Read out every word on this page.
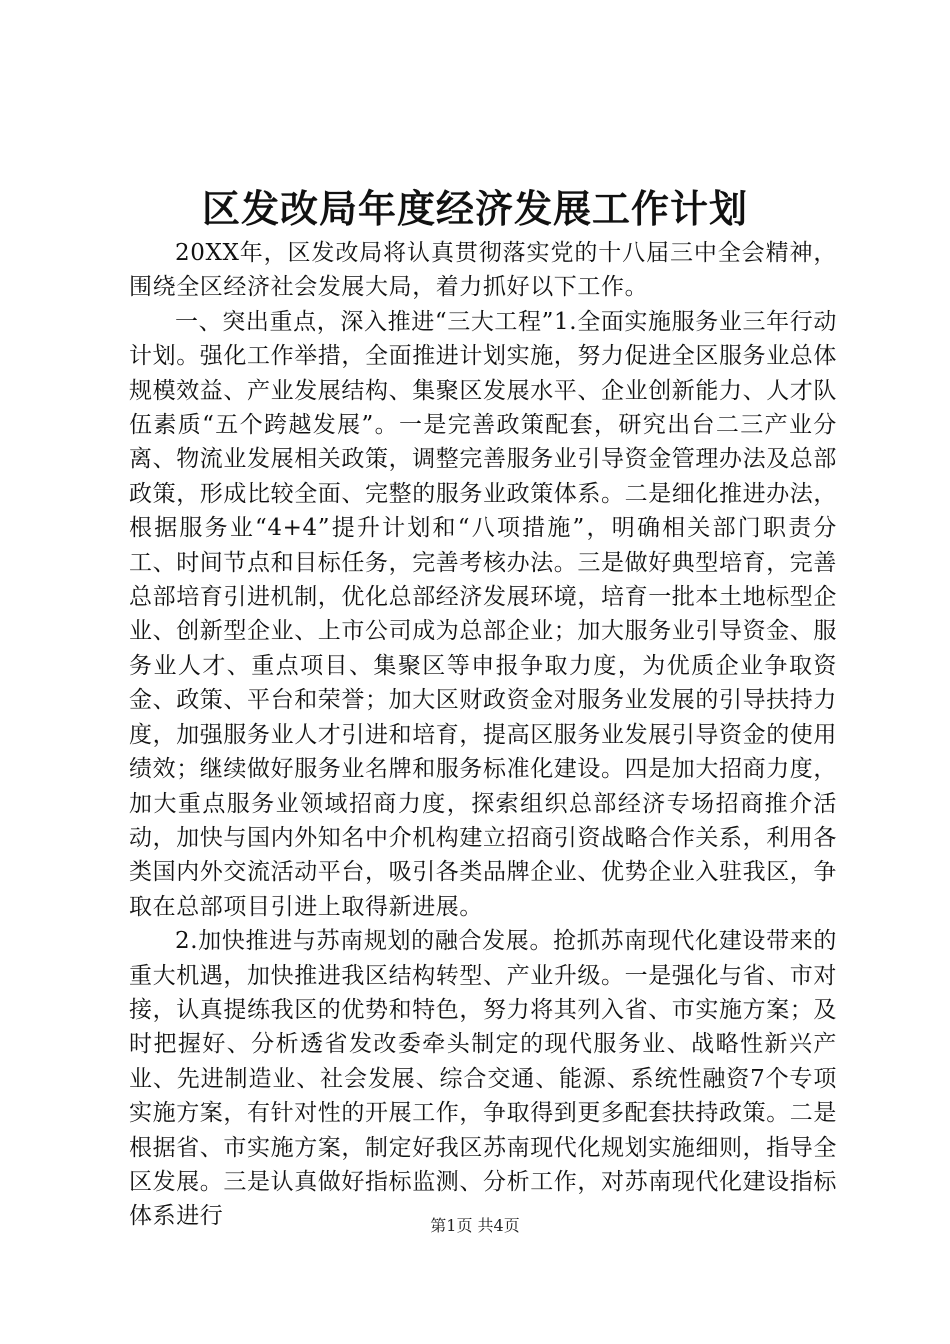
区发改局年度经济发展工作计划

20XX年，区发改局将认真贯彻落实党的十八届三中全会精神，围绕全区经济社会发展大局，着力抓好以下工作。

一、突出重点，深入推进“三大工程”1.全面实施服务业三年行动计划。强化工作举措，全面推进计划实施，努力促进全区服务业总体规模效益、产业发展结构、集聚区发展水平、企业创新能力、人才队伍素质“五个跨越发展”。一是完善政策配套，研究出台二三产业分离、物流业发展相关政策，调整完善服务业引导资金管理办法及总部政策，形成比较全面、完整的服务业政策体系。二是细化推进办法，根据服务业“4+4”提升计划和“八项措施”，明确相关部门职责分工、时间节点和目标任务，完善考核办法。三是做好典型培育，完善总部培育引进机制，优化总部经济发展环境，培育一批本土地标型企业、创新型企业、上市公司成为总部企业；加大服务业引导资金、服务业人才、重点项目、集聚区等申报争取力度，为优质企业争取资金、政策、平台和荣誉；加大区财政资金对服务业发展的引导扶持力度，加强服务业人才引进和培育，提高区服务业发展引导资金的使用绩效；继续做好服务业名牌和服务标准化建设。四是加大招商力度，加大重点服务业领域招商力度，探索组织总部经济专场招商推介活动，加快与国内外知名中介机构建立招商引资战略合作关系，利用各类国内外交流活动平台，吸引各类品牌企业、优势企业入驻我区，争取在总部项目引进上取得新进展。

2.加快推进与苏南规划的融合发展。抢抓苏南现代化建设带来的重大机遇，加快推进我区结构转型、产业升级。一是强化与省、市对接，认真提练我区的优势和特色，努力将其列入省、市实施方案；及时把握好、分析透省发改委牵头制定的现代服务业、战略性新兴产业、先进制造业、社会发展、综合交通、能源、系统性融资7个专项实施方案，有针对性的开展工作，争取得到更多配套扶持政策。二是根据省、市实施方案，制定好我区苏南现代化规划实施细则，指导全区发展。三是认真做好指标监测、分析工作，对苏南现代化建设指标体系进行	第1页 共4页
